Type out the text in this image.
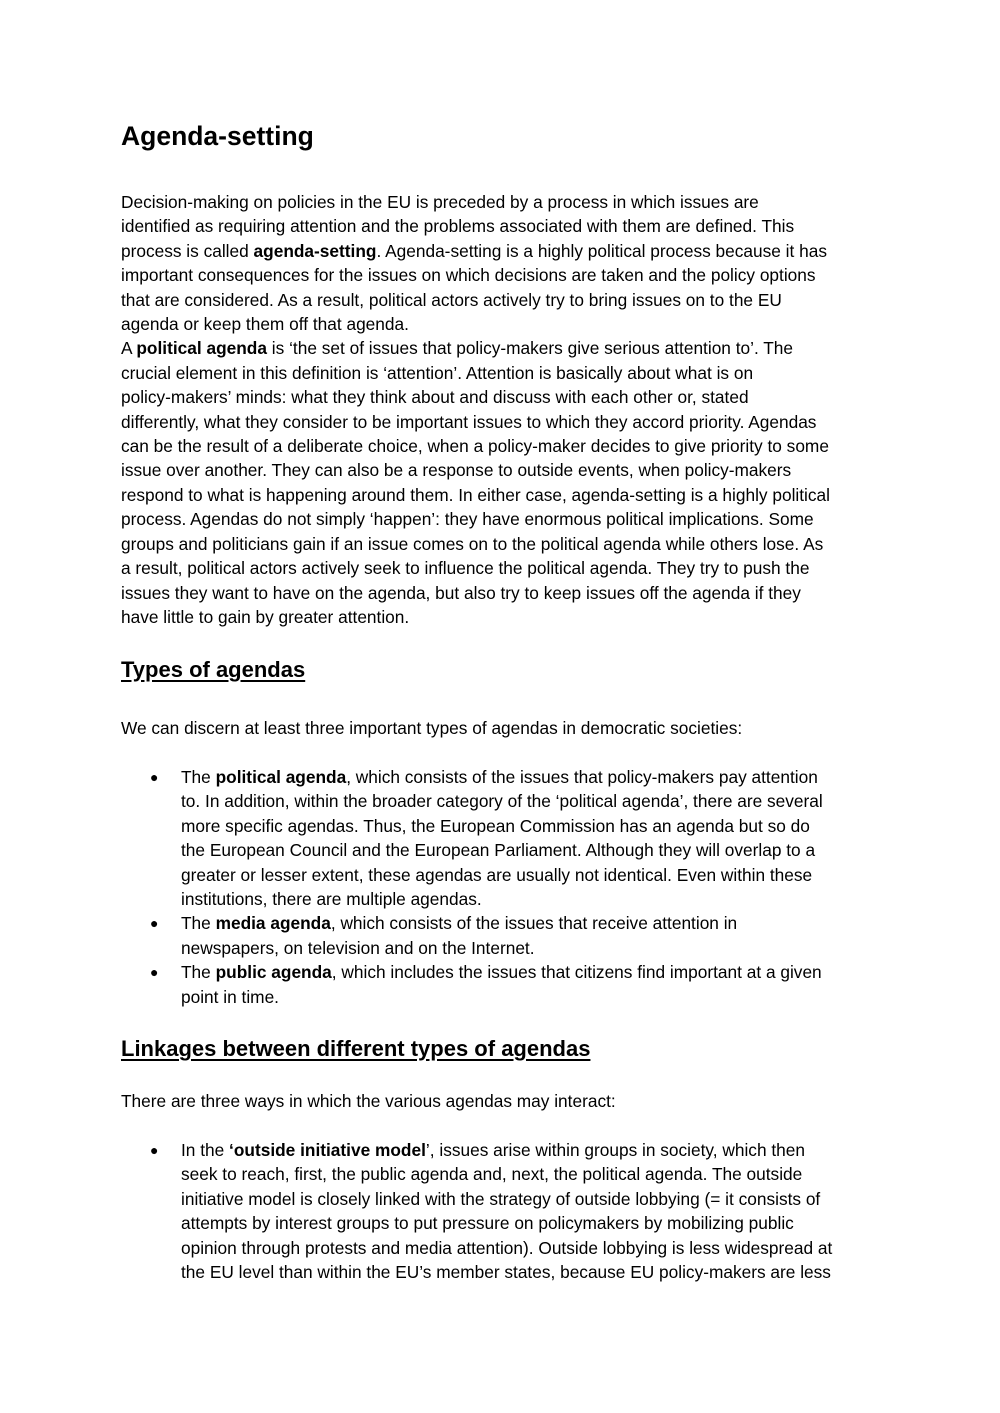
Agenda-setting
Decision-making on policies in the EU is preceded by a process in which issues are
identified as requiring attention and the problems associated with them are defined. This
process is called agenda-setting. Agenda-setting is a highly political process because it has
important consequences for the issues on which decisions are taken and the policy options
that are considered. As a result, political actors actively try to bring issues on to the EU
agenda or keep them off that agenda.
A political agenda is ‘the set of issues that policy-makers give serious attention to’. The
crucial element in this definition is ‘attention’. Attention is basically about what is on
policy-makers’ minds: what they think about and discuss with each other or, stated
differently, what they consider to be important issues to which they accord priority. Agendas
can be the result of a deliberate choice, when a policy-maker decides to give priority to some
issue over another. They can also be a response to outside events, when policy-makers
respond to what is happening around them. In either case, agenda-setting is a highly political
process. Agendas do not simply ‘happen’: they have enormous political implications. Some
groups and politicians gain if an issue comes on to the political agenda while others lose. As
a result, political actors actively seek to influence the political agenda. They try to push the
issues they want to have on the agenda, but also try to keep issues off the agenda if they
have little to gain by greater attention.
Types of agendas
We can discern at least three important types of agendas in democratic societies:
● The political agenda, which consists of the issues that policy-makers pay attention
to. In addition, within the broader category of the ‘political agenda’, there are several
more specific agendas. Thus, the European Commission has an agenda but so do
the European Council and the European Parliament. Although they will overlap to a
greater or lesser extent, these agendas are usually not identical. Even within these
institutions, there are multiple agendas.
● The media agenda, which consists of the issues that receive attention in
newspapers, on television and on the Internet.
● The public agenda, which includes the issues that citizens find important at a given
point in time.
Linkages between different types of agendas
There are three ways in which the various agendas may interact:
● In the ‘outside initiative model’, issues arise within groups in society, which then
seek to reach, first, the public agenda and, next, the political agenda. The outside
initiative model is closely linked with the strategy of outside lobbying (= it consists of
attempts by interest groups to put pressure on policymakers by mobilizing public
opinion through protests and media attention). Outside lobbying is less widespread at
the EU level than within the EU’s member states, because EU policy-makers are less
